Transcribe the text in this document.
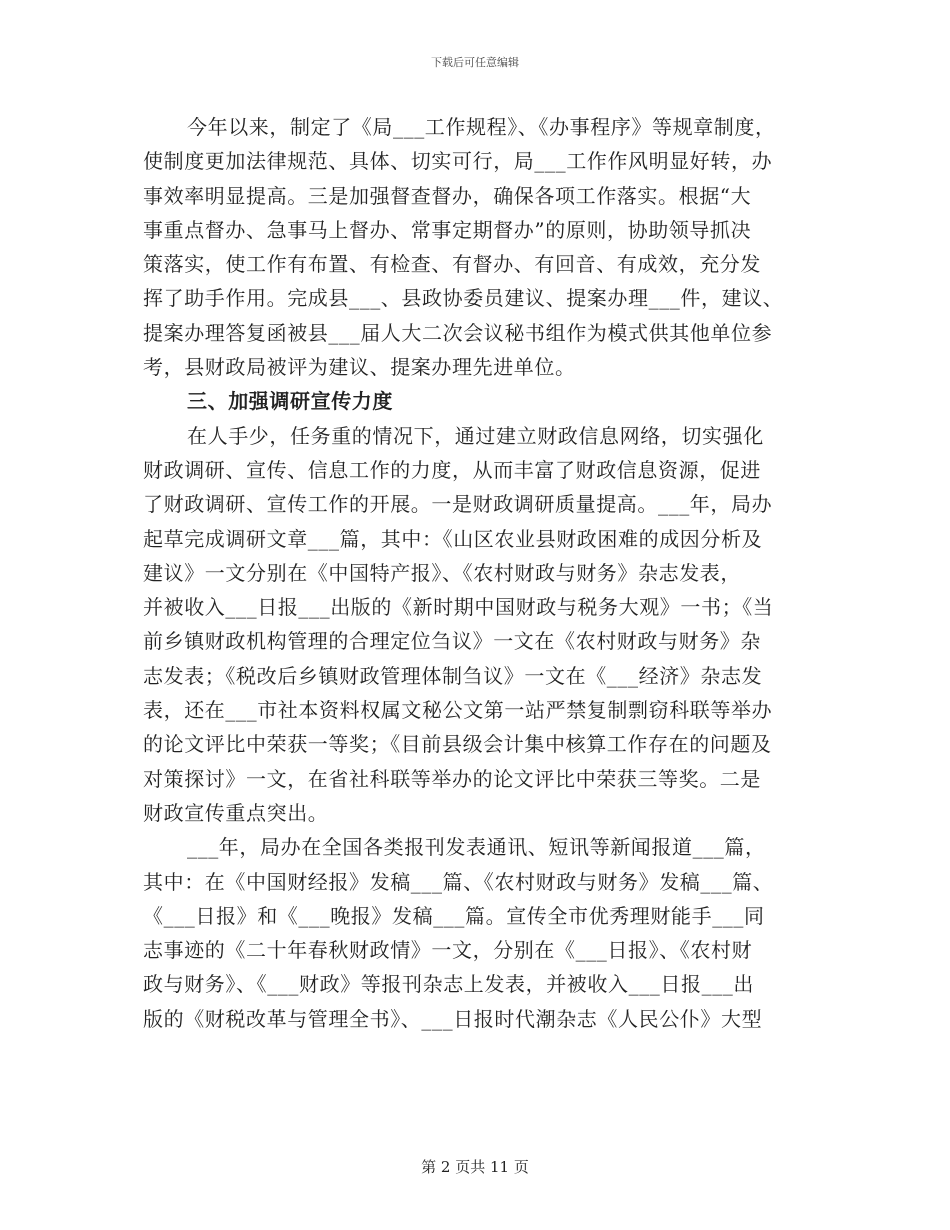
下载后可任意编辑
今年以来，制定了《局___工作规程》、《办事程序》等规章制度，
使制度更加法律规范、具体、切实可行，局___工作作风明显好转，办
事效率明显提高。三是加强督查督办，确保各项工作落实。根据“大
事重点督办、急事马上督办、常事定期督办”的原则，协助领导抓决
策落实，使工作有布置、有检查、有督办、有回音、有成效，充分发
挥了助手作用。完成县___、县政协委员建议、提案办理___件，建议、
提案办理答复函被县___届人大二次会议秘书组作为模式供其他单位参
考，县财政局被评为建议、提案办理先进单位。
三、加强调研宣传力度
在人手少，任务重的情况下，通过建立财政信息网络，切实强化
财政调研、宣传、信息工作的力度，从而丰富了财政信息资源，促进
了财政调研、宣传工作的开展。一是财政调研质量提高。___年，局办
起草完成调研文章___篇，其中：《山区农业县财政困难的成因分析及
建议》一文分别在《中国特产报》、《农村财政与财务》杂志发表，
并被收入___日报___出版的《新时期中国财政与税务大观》一书；《当
前乡镇财政机构管理的合理定位刍议》一文在《农村财政与财务》杂
志发表；《税改后乡镇财政管理体制刍议》一文在《___经济》杂志发
表，还在___市社本资料权属文秘公文第一站严禁复制剽窃科联等举办
的论文评比中荣获一等奖；《目前县级会计集中核算工作存在的问题及
对策探讨》一文，在省社科联等举办的论文评比中荣获三等奖。二是
财政宣传重点突出。
___年，局办在全国各类报刊发表通讯、短讯等新闻报道___篇，
其中：在《中国财经报》发稿___篇、《农村财政与财务》发稿___篇、
《___日报》和《___晚报》发稿___篇。宣传全市优秀理财能手___同
志事迹的《二十年春秋财政情》一文，分别在《___日报》、《农村财
政与财务》、《___财政》等报刊杂志上发表，并被收入___日报___出
版的《财税改革与管理全书》、___日报时代潮杂志《人民公仆》大型
第 2 页共 11 页
